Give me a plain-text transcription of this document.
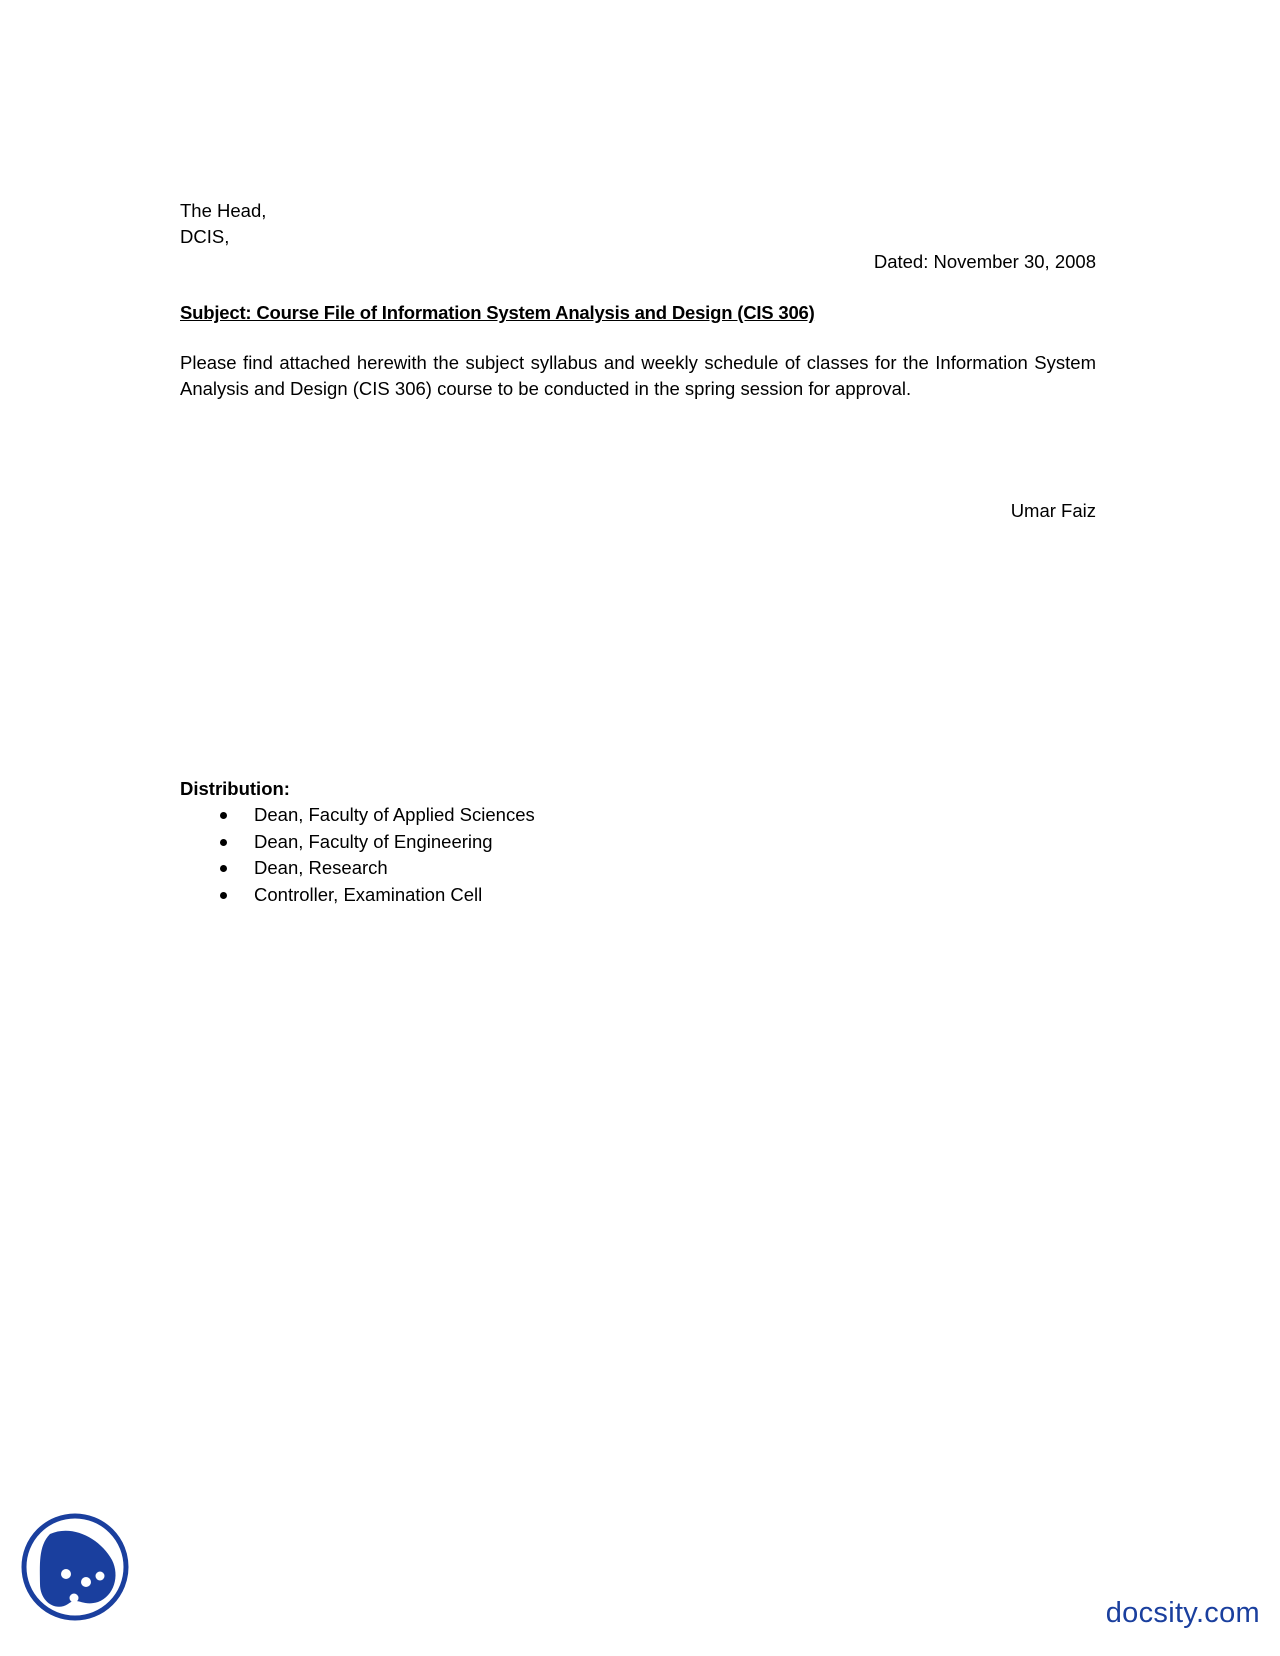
The Head,
DCIS,
Dated: November 30, 2008
Subject: Course File of Information System Analysis and Design (CIS 306)
Please find attached herewith the subject syllabus and weekly schedule of classes for the Information System Analysis and Design (CIS 306) course to be conducted in the spring session for approval.
Umar Faiz
Distribution:
Dean, Faculty of Applied Sciences
Dean, Faculty of Engineering
Dean, Research
Controller, Examination Cell
docsity.com
